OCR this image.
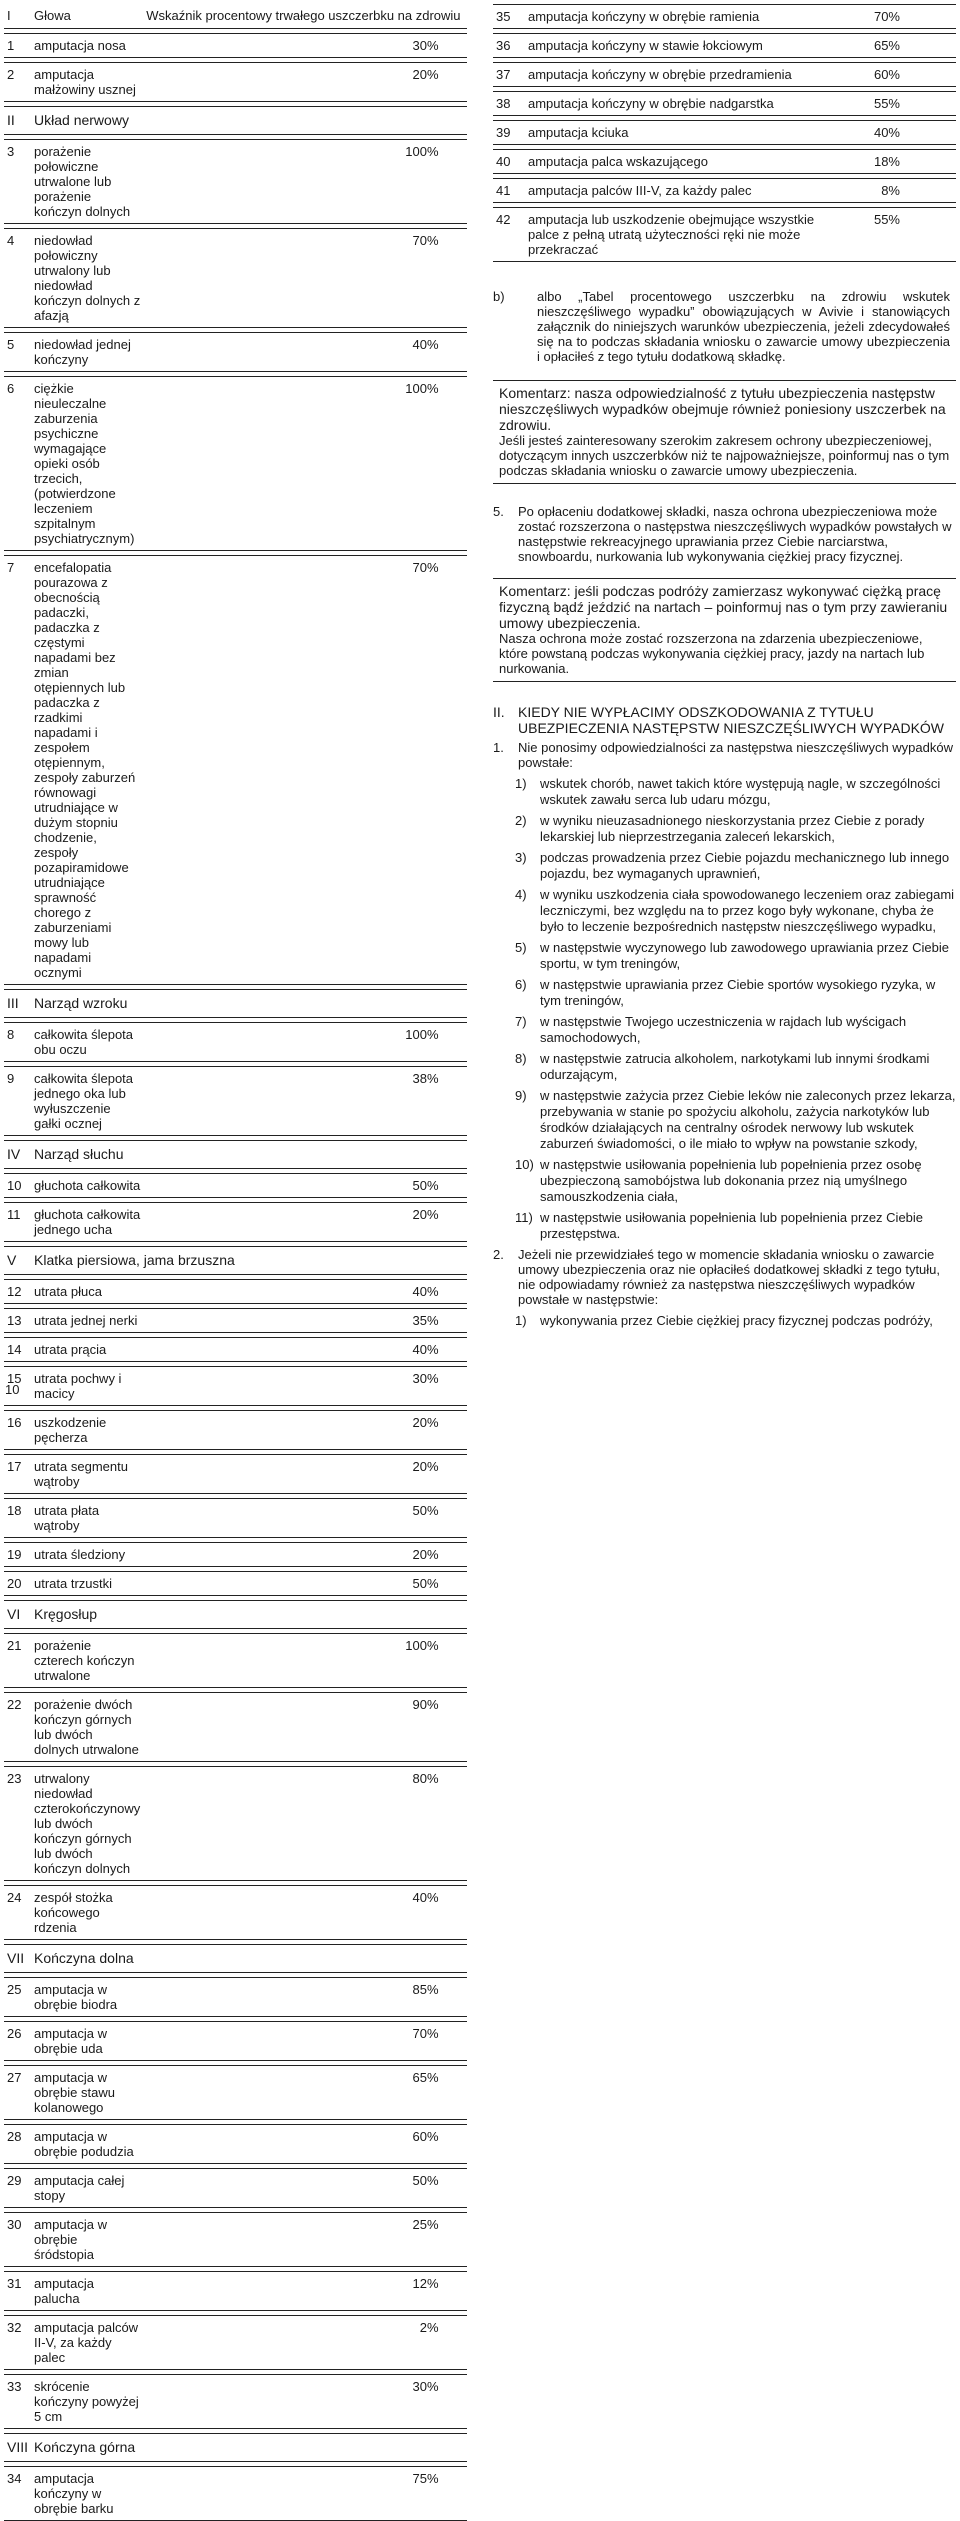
I	Głowa	Wskaźnik procentowy trwałego uszczerbku na zdrowiu

1	amputacja nosa	30%

2	amputacja małżowiny usznej	20%

II	Układ nerwowy	

3	porażenie połowiczne utrwalone lub porażenie kończyn dolnych	100%

4	niedowład połowiczny utrwalony lub niedowład kończyn dolnych z afazją	70%

5	niedowład jednej kończyny	40%

6	ciężkie nieuleczalne zaburzenia psychiczne wymagające opieki osób trzecich, (potwierdzone leczeniem szpitalnym psychiatrycznym)	100%

7	encefalopatia pourazowa z obecnością padaczki, padaczka z częstymi napadami bez zmian otępiennych lub padaczka z rzadkimi napadami i zespołem otępiennym, zespoły zaburzeń równowagi utrudniające w dużym stopniu chodzenie, zespoły pozapiramidowe utrudniające sprawność chorego z zaburzeniami mowy lub napadami ocznymi	70%

III	Narząd wzroku	

8	całkowita ślepota obu oczu	100%

9	całkowita ślepota jednego oka lub wyłuszczenie gałki ocznej	38%

IV	Narząd słuchu	

10	głuchota całkowita	50%

11	głuchota całkowita jednego ucha	20%

V	Klatka piersiowa, jama brzuszna	

12	utrata płuca	40%

13	utrata jednej nerki	35%

14	utrata prącia	40%

15	utrata pochwy i macicy	30%

16	uszkodzenie pęcherza	20%

17	utrata segmentu wątroby	20%

18	utrata płata wątroby	50%

19	utrata śledziony	20%

20	utrata trzustki	50%

VI	Kręgosłup	

21	porażenie czterech kończyn utrwalone	100%

22	porażenie dwóch kończyn górnych lub dwóch dolnych utrwalone	90%

23	utrwalony niedowład czterokończynowy lub dwóch kończyn górnych lub dwóch kończyn dolnych	80%

24	zespół stożka końcowego rdzenia	40%

VII	Kończyna dolna	

25	amputacja w obrębie biodra	85%

26	amputacja w obrębie uda	70%

27	amputacja w obrębie stawu kolanowego	65%

28	amputacja w obrębie podudzia	60%

29	amputacja całej stopy	50%

30	amputacja w obrębie śródstopia	25%

31	amputacja palucha	12%

32	amputacja palców II-V, za każdy palec	2%

33	skrócenie kończyny powyżej 5 cm	30%

VIII	Kończyna górna	

34	amputacja kończyny w obrębie barku	75%
35	amputacja kończyny w obrębie ramienia	70%

36	amputacja kończyny w stawie łokciowym	65%

37	amputacja kończyny w obrębie przedramienia	60%

38	amputacja kończyny w obrębie nadgarstka	55%

39	amputacja kciuka	40%

40	amputacja palca wskazującego	18%

41	amputacja palców III-V, za każdy palec	8%

42	amputacja lub uszkodzenie obejmujące wszystkie palce z pełną utratą użyteczności ręki nie może przekraczać	55%
b) albo „Tabel procentowego uszczerbku na zdrowiu wskutek nieszczęśliwego wypadku” obowiązujących w Avivie i stanowiących załącznik do niniejszych warunków ubezpieczenia, jeżeli zdecydowałeś się na to podczas składania wniosku o zawarcie umowy ubezpieczenia i opłaciłeś z tego tytułu dodatkową składkę.
Komentarz: nasza odpowiedzialność z tytułu ubezpieczenia następstw nieszczęśliwych wypadków obejmuje również poniesiony uszczerbek na zdrowiu.
Jeśli jesteś zainteresowany szerokim zakresem ochrony ubezpieczeniowej, dotyczącym innych uszczerbków niż te najpoważniejsze, poinformuj nas o tym podczas składania wniosku o zawarcie umowy ubezpieczenia.
5. Po opłaceniu dodatkowej składki, nasza ochrona ubezpieczeniowa może zostać rozszerzona o następstwa nieszczęśliwych wypadków powstałych w następstwie rekreacyjnego uprawiania przez Ciebie narciarstwa, snowboardu, nurkowania lub wykonywania ciężkiej pracy fizycznej.
Komentarz: jeśli podczas podróży zamierzasz wykonywać ciężką pracę fizyczną bądź jeździć na nartach – poinformuj nas o tym przy zawieraniu umowy ubezpieczenia.
Nasza ochrona może zostać rozszerzona na zdarzenia ubezpieczeniowe, które powstaną podczas wykonywania ciężkiej pracy, jazdy na nartach lub nurkowania.
II. KIEDY NIE WYPŁACIMY ODSZKODOWANIA Z TYTUŁU UBEZPIECZENIA NASTĘPSTW NIESZCZĘŚLIWYCH WYPADKÓW
1. Nie ponosimy odpowiedzialności za następstwa nieszczęśliwych wypadków powstałe:
1) wskutek chorób, nawet takich które występują nagle, w szczególności wskutek zawału serca lub udaru mózgu,
2) w wyniku nieuzasadnionego nieskorzystania przez Ciebie z porady lekarskiej lub nieprzestrzegania zaleceń lekarskich,
3) podczas prowadzenia przez Ciebie pojazdu mechanicznego lub innego pojazdu, bez wymaganych uprawnień,
4) w wyniku uszkodzenia ciała spowodowanego leczeniem oraz zabiegami leczniczymi, bez względu na to przez kogo były wykonane, chyba że było to leczenie bezpośrednich następstw nieszczęśliwego wypadku,
5) w następstwie wyczynowego lub zawodowego uprawiania przez Ciebie sportu, w tym treningów,
6) w następstwie uprawiania przez Ciebie sportów wysokiego ryzyka, w tym treningów,
7) w następstwie Twojego uczestniczenia w rajdach lub wyścigach samochodowych,
8) w następstwie zatrucia alkoholem, narkotykami lub innymi środkami odurzającym,
9) w następstwie zażycia przez Ciebie leków nie zaleconych przez lekarza, przebywania w stanie po spożyciu alkoholu, zażycia narkotyków lub środków działających na centralny ośrodek nerwowy lub wskutek zaburzeń świadomości, o ile miało to wpływ na powstanie szkody,
10) w następstwie usiłowania popełnienia lub popełnienia przez osobę ubezpieczoną samobójstwa lub dokonania przez nią umyślnego samouszkodzenia ciała,
11) w następstwie usiłowania popełnienia lub popełnienia przez Ciebie przestępstwa.
2. Jeżeli nie przewidziałeś tego w momencie składania wniosku o zawarcie umowy ubezpieczenia oraz nie opłaciłeś dodatkowej składki z tego tytułu, nie odpowiadamy również za następstwa nieszczęśliwych wypadków powstałe w następstwie:
1) wykonywania przez Ciebie ciężkiej pracy fizycznej podczas podróży,
10
